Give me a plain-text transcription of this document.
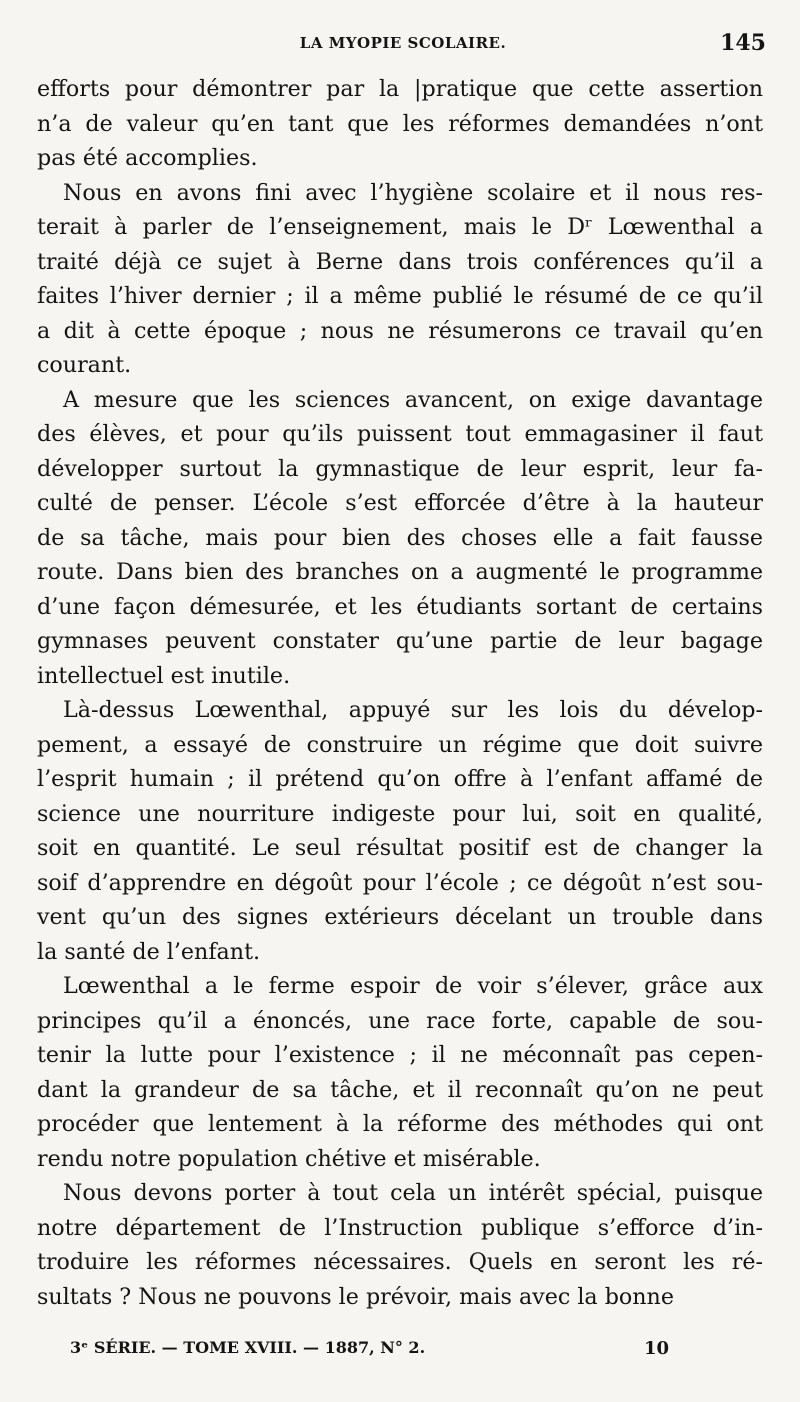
LA MYOPIE SCOLAIRE.	145
efforts pour démontrer par la |pratique que cette assertion
n’a de valeur qu’en tant que les réformes demandées n’ont
pas été accomplies.
Nous en avons fini avec l’hygiène scolaire et il nous res-
terait à parler de l’enseignement, mais le Dʳ Lœwenthal a
traité déjà ce sujet à Berne dans trois conférences qu’il a
faites l’hiver dernier ; il a même publié le résumé de ce qu’il
a dit à cette époque ; nous ne résumerons ce travail qu’en
courant.
A mesure que les sciences avancent, on exige davantage
des élèves, et pour qu’ils puissent tout emmagasiner il faut
développer surtout la gymnastique de leur esprit, leur fa-
culté de penser. L’école s’est efforcée d’être à la hauteur
de sa tâche, mais pour bien des choses elle a fait fausse
route. Dans bien des branches on a augmenté le programme
d’une façon démesurée, et les étudiants sortant de certains
gymnases peuvent constater qu’une partie de leur bagage
intellectuel est inutile.
Là-dessus Lœwenthal, appuyé sur les lois du dévelop-
pement, a essayé de construire un régime que doit suivre
l’esprit humain ; il prétend qu’on offre à l’enfant affamé de
science une nourriture indigeste pour lui, soit en qualité,
soit en quantité. Le seul résultat positif est de changer la
soif d’apprendre en dégoût pour l’école ; ce dégoût n’est sou-
vent qu’un des signes extérieurs décelant un trouble dans
la santé de l’enfant.
Lœwenthal a le ferme espoir de voir s’élever, grâce aux
principes qu’il a énoncés, une race forte, capable de sou-
tenir la lutte pour l’existence ; il ne méconnaît pas cepen-
dant la grandeur de sa tâche, et il reconnaît qu’on ne peut
procéder que lentement à la réforme des méthodes qui ont
rendu notre population chétive et misérable.
Nous devons porter à tout cela un intérêt spécial, puisque
notre département de l’Instruction publique s’efforce d’in-
troduire les réformes nécessaires. Quels en seront les ré-
sultats ? Nous ne pouvons le prévoir, mais avec la bonne
3ᵉ SÉRIE. — TOME XVIII. — 1887, N° 2.	10
